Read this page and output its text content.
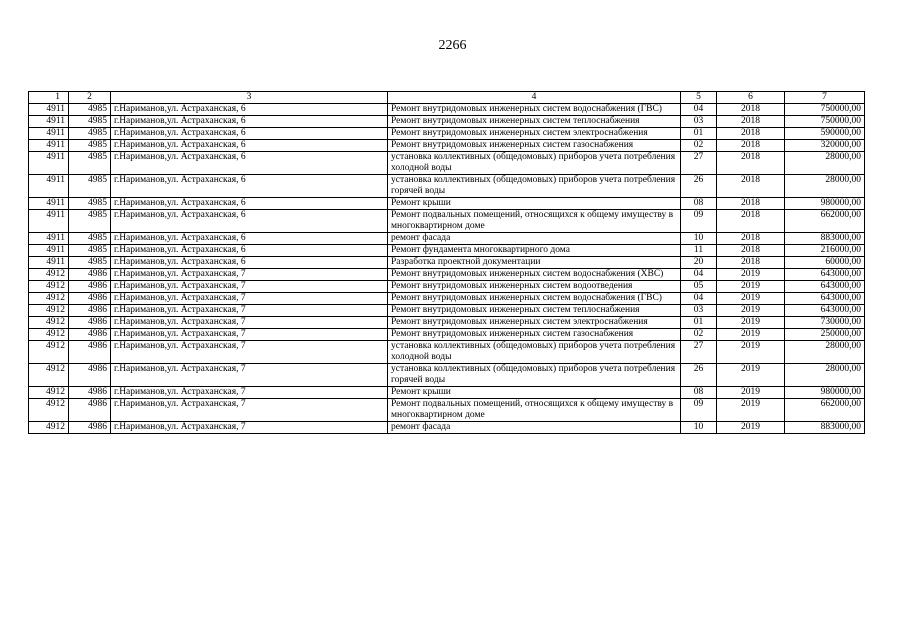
2266
1	2	3	4	5	6	7
4911	4985	г.Нариманов,ул. Астраханская, 6	Ремонт внутридомовых инженерных систем водоснабжения (ГВС)	04	2018	750000,00
4911	4985	г.Нариманов,ул. Астраханская, 6	Ремонт внутридомовых инженерных систем теплоснабжения	03	2018	750000,00
4911	4985	г.Нариманов,ул. Астраханская, 6	Ремонт внутридомовых инженерных систем электроснабжения	01	2018	590000,00
4911	4985	г.Нариманов,ул. Астраханская, 6	Ремонт внутридомовых инженерных систем газоснабжения	02	2018	320000,00
4911	4985	г.Нариманов,ул. Астраханская, 6	установка коллективных (общедомовых) приборов учета потребления холодной воды	27	2018	28000,00
4911	4985	г.Нариманов,ул. Астраханская, 6	установка коллективных (общедомовых) приборов учета потребления горячей воды	26	2018	28000,00
4911	4985	г.Нариманов,ул. Астраханская, 6	Ремонт крыши	08	2018	980000,00
4911	4985	г.Нариманов,ул. Астраханская, 6	Ремонт подвальных помещений, относящихся к общему имуществу в многоквартирном доме	09	2018	662000,00
4911	4985	г.Нариманов,ул. Астраханская, 6	ремонт фасада	10	2018	883000,00
4911	4985	г.Нариманов,ул. Астраханская, 6	Ремонт фундамента многоквартирного дома	11	2018	216000,00
4911	4985	г.Нариманов,ул. Астраханская, 6	Разработка проектной документации	20	2018	60000,00
4912	4986	г.Нариманов,ул. Астраханская, 7	Ремонт внутридомовых инженерных систем водоснабжения (ХВС)	04	2019	643000,00
4912	4986	г.Нариманов,ул. Астраханская, 7	Ремонт внутридомовых инженерных систем водоотведения	05	2019	643000,00
4912	4986	г.Нариманов,ул. Астраханская, 7	Ремонт внутридомовых инженерных систем водоснабжения (ГВС)	04	2019	643000,00
4912	4986	г.Нариманов,ул. Астраханская, 7	Ремонт внутридомовых инженерных систем теплоснабжения	03	2019	643000,00
4912	4986	г.Нариманов,ул. Астраханская, 7	Ремонт внутридомовых инженерных систем электроснабжения	01	2019	730000,00
4912	4986	г.Нариманов,ул. Астраханская, 7	Ремонт внутридомовых инженерных систем газоснабжения	02	2019	250000,00
4912	4986	г.Нариманов,ул. Астраханская, 7	установка коллективных (общедомовых) приборов учета потребления холодной воды	27	2019	28000,00
4912	4986	г.Нариманов,ул. Астраханская, 7	установка коллективных (общедомовых) приборов учета потребления горячей воды	26	2019	28000,00
4912	4986	г.Нариманов,ул. Астраханская, 7	Ремонт крыши	08	2019	980000,00
4912	4986	г.Нариманов,ул. Астраханская, 7	Ремонт подвальных помещений, относящихся к общему имуществу в многоквартирном доме	09	2019	662000,00
4912	4986	г.Нариманов,ул. Астраханская, 7	ремонт фасада	10	2019	883000,00
